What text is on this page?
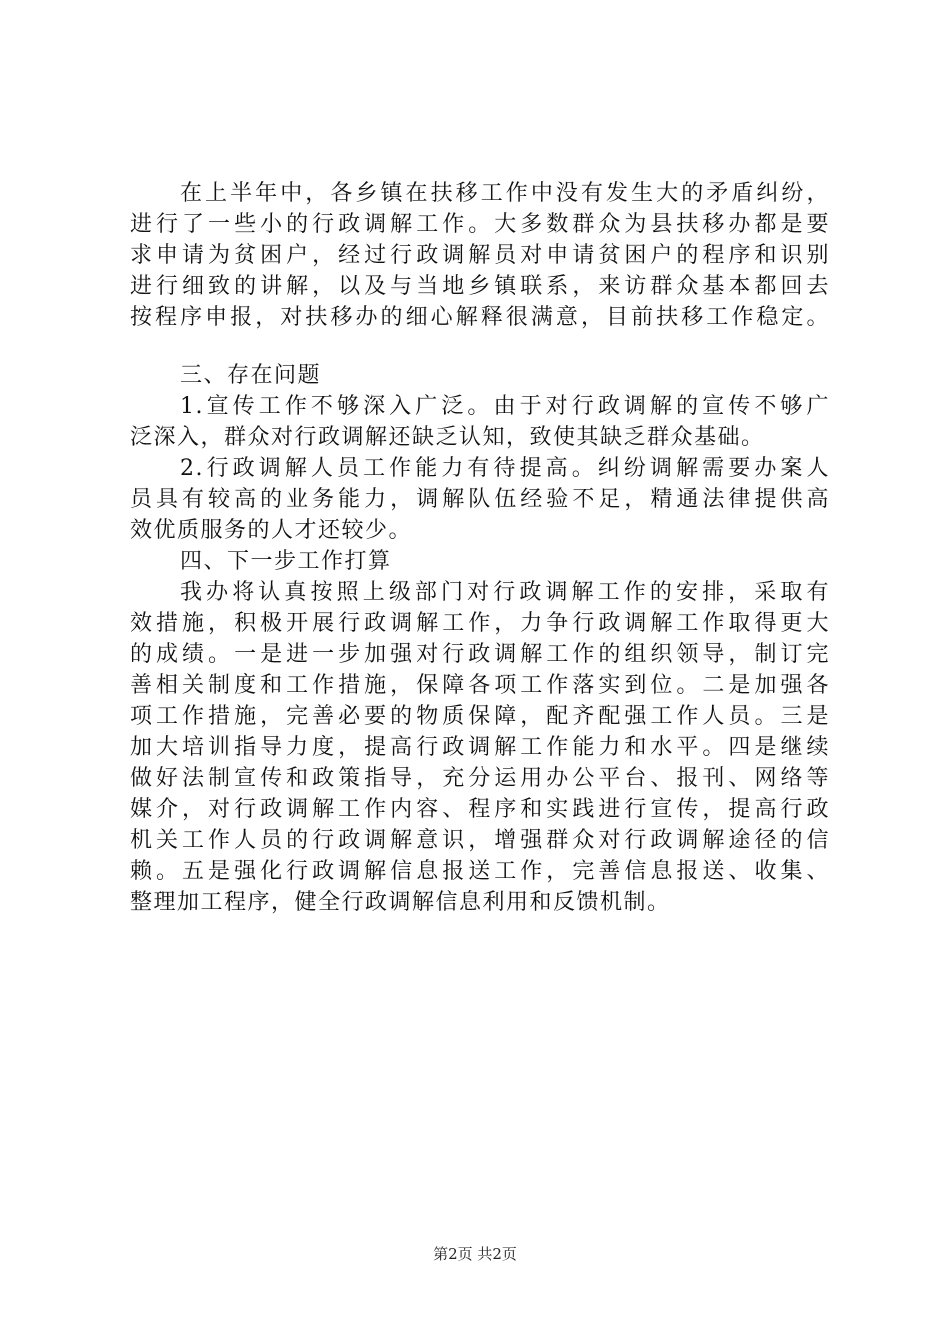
在上半年中，各乡镇在扶移工作中没有发生大的矛盾纠纷，
进行了一些小的行政调解工作。大多数群众为县扶移办都是要
求申请为贫困户，经过行政调解员对申请贫困户的程序和识别
进行细致的讲解，以及与当地乡镇联系，来访群众基本都回去
按程序申报，对扶移办的细心解释很满意，目前扶移工作稳定。
三、存在问题
1.宣传工作不够深入广泛。由于对行政调解的宣传不够广
泛深入，群众对行政调解还缺乏认知，致使其缺乏群众基础。
2.行政调解人员工作能力有待提高。纠纷调解需要办案人
员具有较高的业务能力，调解队伍经验不足，精通法律提供高
效优质服务的人才还较少。
四、下一步工作打算
我办将认真按照上级部门对行政调解工作的安排，采取有
效措施，积极开展行政调解工作，力争行政调解工作取得更大
的成绩。一是进一步加强对行政调解工作的组织领导，制订完
善相关制度和工作措施，保障各项工作落实到位。二是加强各
项工作措施，完善必要的物质保障，配齐配强工作人员。三是
加大培训指导力度，提高行政调解工作能力和水平。四是继续
做好法制宣传和政策指导，充分运用办公平台、报刊、网络等
媒介，对行政调解工作内容、程序和实践进行宣传，提高行政
机关工作人员的行政调解意识，增强群众对行政调解途径的信
赖。五是强化行政调解信息报送工作，完善信息报送、收集、
整理加工程序，健全行政调解信息利用和反馈机制。
第2页 共2页
